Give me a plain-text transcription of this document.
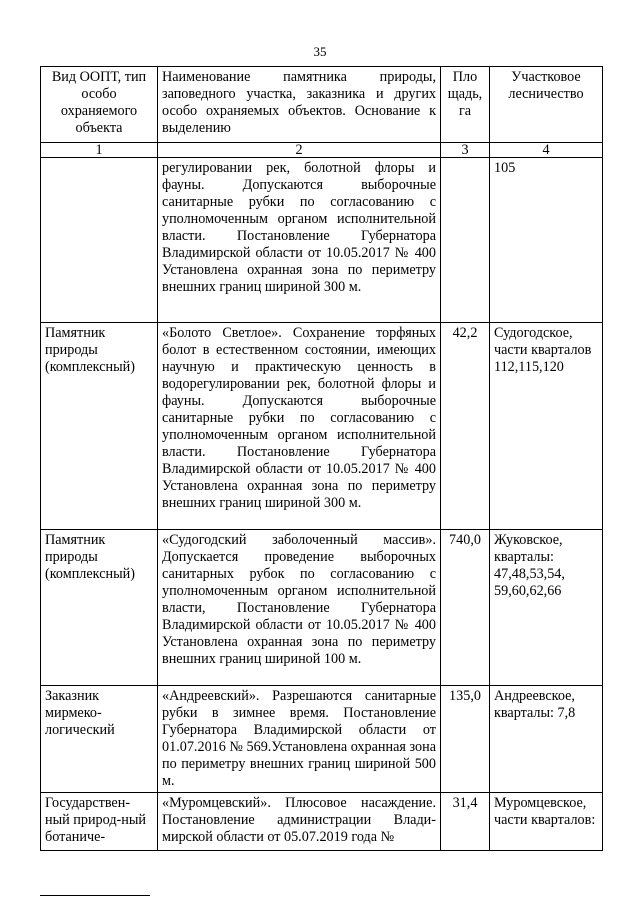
35
Вид ООПТ, тип особо охраняемого объекта	Наименование памятника природы, заповедного участка, заказника и других особо охраняемых объектов. Основание к выделению	Пло щадь, га	Участковое лесничество
1	2	3	4
	регулировании рек, болотной флоры и фауны. Допускаются выборочные санитарные рубки по согласованию с уполномоченным органом исполнительной власти. Постановление Губернатора Владимирской области от 10.05.2017 № 400 Установлена охранная зона по периметру внешних границ шириной 300 м.		105
Памятник природы (комплексный)	«Болото Светлое». Сохранение торфяных болот в естественном состоянии, имеющих научную и практическую ценность в водорегулировании рек, болотной флоры и фауны. Допускаются выборочные санитарные рубки по согласованию с уполномоченным органом исполнительной власти. Постановление Губернатора Владимирской области от 10.05.2017 № 400 Установлена охранная зона по периметру внешних границ шириной 300 м.	42,2	Судогодское, части кварталов 112,115,120
Памятник природы (комплексный)	«Судогодский заболоченный массив». Допускается проведение выборочных санитарных рубок по согласованию с уполномоченным органом исполнительной власти, Постановление Губернатора Владимирской области от 10.05.2017 № 400 Установлена охранная зона по периметру внешних границ шириной 100 м.	740,0	Жуковское, кварталы: 47,48,53,54, 59,60,62,66
Заказник мирмеко-логический	«Андреевский». Разрешаются санитарные рубки в зимнее время. Постановление Губернатора Владимирской области от 01.07.2016 № 569.Установлена охранная зона по периметру внешних границ шириной 500 м.	135,0	Андреевское, кварталы: 7,8
Государствен-ный природ-ный ботаниче-	«Муромцевский». Плюсовое насаждение. Постановление администрации Влади-мирской области от 05.07.2019 года №	31,4	Муромцевское, части кварталов:
